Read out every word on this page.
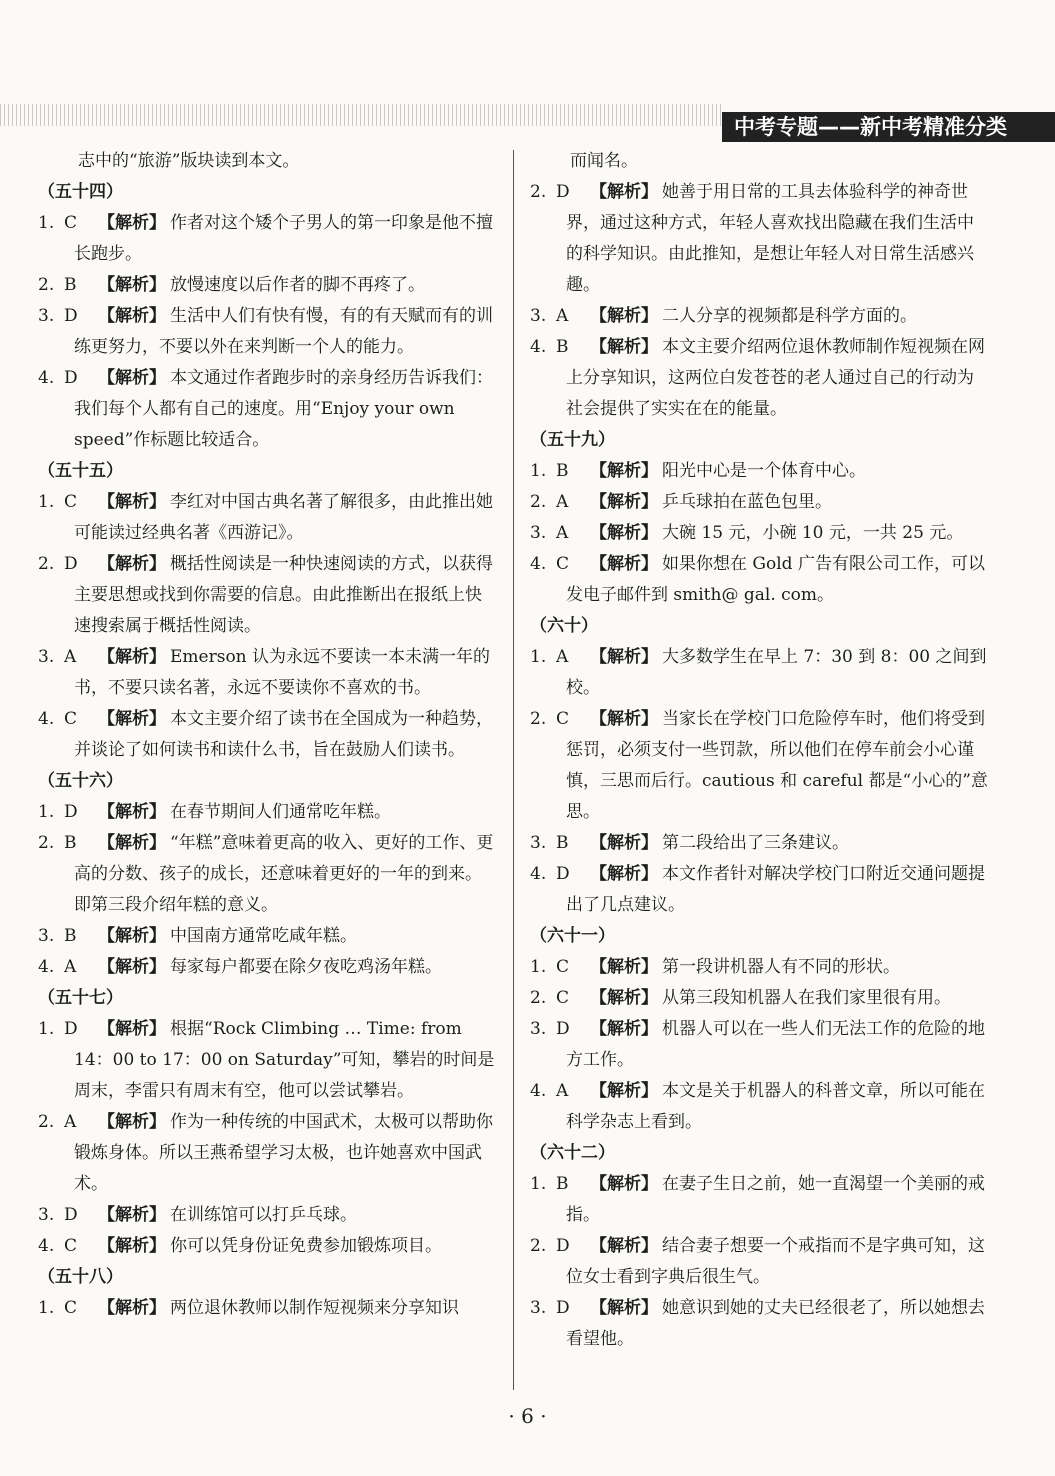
中考专题——新中考精准分类
志中的“旅游”版块读到本文。
（五十四）
1. C 【解析】 作者对这个矮个子男人的第一印象是他不擅长跑步。
2. B 【解析】 放慢速度以后作者的脚不再疼了。
3. D 【解析】 生活中人们有快有慢，有的有天赋而有的训练更努力，不要以外在来判断一个人的能力。
4. D 【解析】 本文通过作者跑步时的亲身经历告诉我们：我们每个人都有自己的速度。用“Enjoy your own speed”作标题比较适合。
（五十五）
1. C 【解析】 李红对中国古典名著了解很多，由此推出她可能读过经典名著《西游记》。
2. D 【解析】 概括性阅读是一种快速阅读的方式，以获得主要思想或找到你需要的信息。由此推断出在报纸上快速搜索属于概括性阅读。
3. A 【解析】 Emerson 认为永远不要读一本未满一年的书，不要只读名著，永远不要读你不喜欢的书。
4. C 【解析】 本文主要介绍了读书在全国成为一种趋势，并谈论了如何读书和读什么书，旨在鼓励人们读书。
（五十六）
1. D 【解析】 在春节期间人们通常吃年糕。
2. B 【解析】 “年糕”意味着更高的收入、更好的工作、更高的分数、孩子的成长，还意味着更好的一年的到来。即第三段介绍年糕的意义。
3. B 【解析】 中国南方通常吃咸年糕。
4. A 【解析】 每家每户都要在除夕夜吃鸡汤年糕。
（五十七）
1. D 【解析】 根据“Rock Climbing … Time: from 14：00 to 17：00 on Saturday”可知，攀岩的时间是周末，李雷只有周末有空，他可以尝试攀岩。
2. A 【解析】 作为一种传统的中国武术，太极可以帮助你锻炼身体。所以王燕希望学习太极，也许她喜欢中国武术。
3. D 【解析】 在训练馆可以打乒乓球。
4. C 【解析】 你可以凭身份证免费参加锻炼项目。
（五十八）
1. C 【解析】 两位退休教师以制作短视频来分享知识
而闻名。
2. D 【解析】 她善于用日常的工具去体验科学的神奇世界，通过这种方式，年轻人喜欢找出隐藏在我们生活中的科学知识。由此推知，是想让年轻人对日常生活感兴趣。
3. A 【解析】 二人分享的视频都是科学方面的。
4. B 【解析】 本文主要介绍两位退休教师制作短视频在网上分享知识，这两位白发苍苍的老人通过自己的行动为社会提供了实实在在的能量。
（五十九）
1. B 【解析】 阳光中心是一个体育中心。
2. A 【解析】 乒乓球拍在蓝色包里。
3. A 【解析】 大碗 15 元，小碗 10 元，一共 25 元。
4. C 【解析】 如果你想在 Gold 广告有限公司工作，可以发电子邮件到 smith@ gal. com。
（六十）
1. A 【解析】 大多数学生在早上 7：30 到 8：00 之间到校。
2. C 【解析】 当家长在学校门口危险停车时，他们将受到惩罚，必须支付一些罚款，所以他们在停车前会小心谨慎，三思而后行。cautious 和 careful 都是“小心的”意思。
3. B 【解析】 第二段给出了三条建议。
4. D 【解析】 本文作者针对解决学校门口附近交通问题提出了几点建议。
（六十一）
1. C 【解析】 第一段讲机器人有不同的形状。
2. C 【解析】 从第三段知机器人在我们家里很有用。
3. D 【解析】 机器人可以在一些人们无法工作的危险的地方工作。
4. A 【解析】 本文是关于机器人的科普文章，所以可能在科学杂志上看到。
（六十二）
1. B 【解析】 在妻子生日之前，她一直渴望一个美丽的戒指。
2. D 【解析】 结合妻子想要一个戒指而不是字典可知，这位女士看到字典后很生气。
3. D 【解析】 她意识到她的丈夫已经很老了，所以她想去看望他。
· 6 ·
